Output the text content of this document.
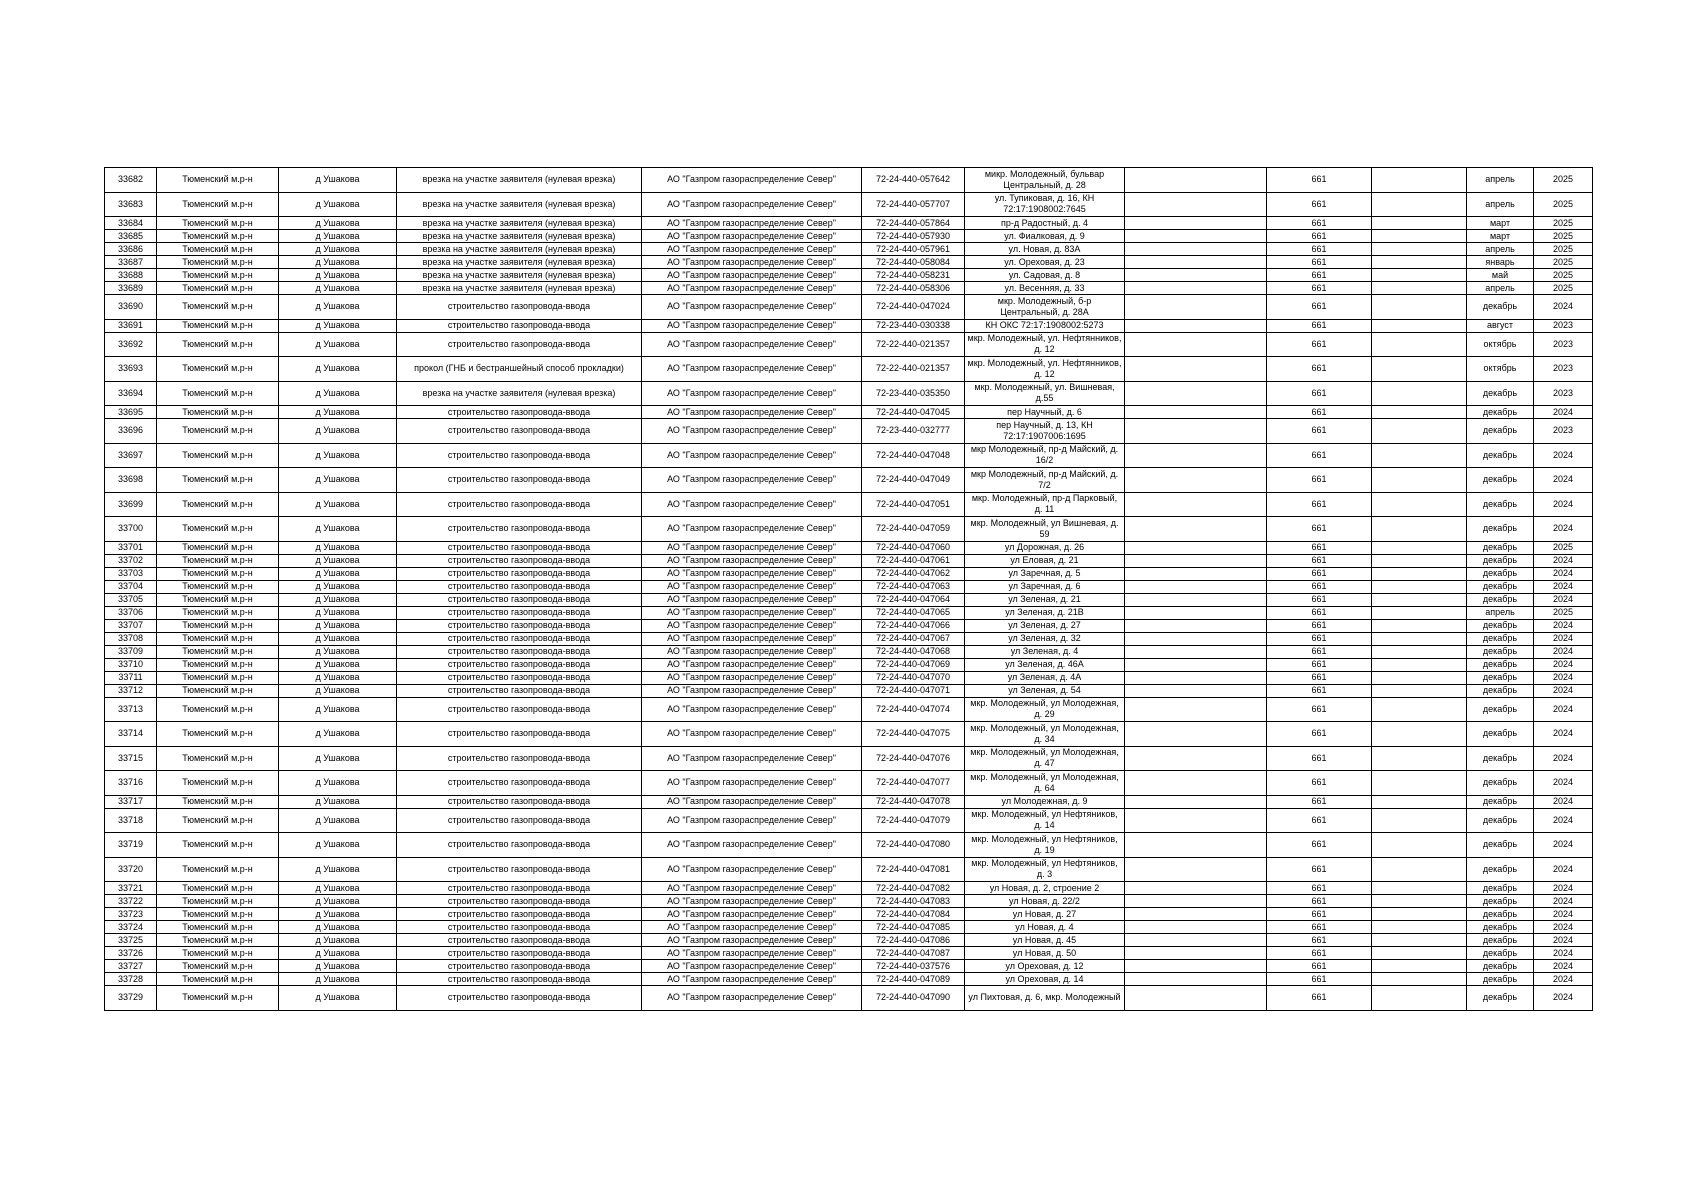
33682	Тюменский м.р-н	д Ушакова	врезка на участке заявителя (нулевая врезка)	АО "Газпром газораспределение Север"	72-24-440-057642	микр. Молодежный, бульвар Центральный, д. 28		661		апрель	2025
33683	Тюменский м.р-н	д Ушакова	врезка на участке заявителя (нулевая врезка)	АО "Газпром газораспределение Север"	72-24-440-057707	ул. Тупиковая, д. 16, КН 72:17:1908002:7645		661		апрель	2025
33684	Тюменский м.р-н	д Ушакова	врезка на участке заявителя (нулевая врезка)	АО "Газпром газораспределение Север"	72-24-440-057864	пр-д Радостный, д. 4		661		март	2025
33685	Тюменский м.р-н	д Ушакова	врезка на участке заявителя (нулевая врезка)	АО "Газпром газораспределение Север"	72-24-440-057930	ул. Фиалковая, д. 9		661		март	2025
33686	Тюменский м.р-н	д Ушакова	врезка на участке заявителя (нулевая врезка)	АО "Газпром газораспределение Север"	72-24-440-057961	ул. Новая, д. 83А		661		апрель	2025
33687	Тюменский м.р-н	д Ушакова	врезка на участке заявителя (нулевая врезка)	АО "Газпром газораспределение Север"	72-24-440-058084	ул. Ореховая, д. 23		661		январь	2025
33688	Тюменский м.р-н	д Ушакова	врезка на участке заявителя (нулевая врезка)	АО "Газпром газораспределение Север"	72-24-440-058231	ул. Садовая, д. 8		661		май	2025
33689	Тюменский м.р-н	д Ушакова	врезка на участке заявителя (нулевая врезка)	АО "Газпром газораспределение Север"	72-24-440-058306	ул. Весенняя, д. 33		661		апрель	2025
33690	Тюменский м.р-н	д Ушакова	строительство газопровода-ввода	АО "Газпром газораспределение Север"	72-24-440-047024	мкр. Молодежный, б-р Центральный, д. 28А		661		декабрь	2024
33691	Тюменский м.р-н	д Ушакова	строительство газопровода-ввода	АО "Газпром газораспределение Север"	72-23-440-030338	КН ОКС 72:17:1908002:5273		661		август	2023
33692	Тюменский м.р-н	д Ушакова	строительство газопровода-ввода	АО "Газпром газораспределение Север"	72-22-440-021357	мкр. Молодежный, ул. Нефтянников, д. 12		661		октябрь	2023
33693	Тюменский м.р-н	д Ушакова	прокол (ГНБ и бестраншейный способ прокладки)	АО "Газпром газораспределение Север"	72-22-440-021357	мкр. Молодежный, ул. Нефтянников, д. 12		661		октябрь	2023
33694	Тюменский м.р-н	д Ушакова	врезка на участке заявителя (нулевая врезка)	АО "Газпром газораспределение Север"	72-23-440-035350	мкр. Молодежный, ул. Вишневая, д.55		661		декабрь	2023
33695	Тюменский м.р-н	д Ушакова	строительство газопровода-ввода	АО "Газпром газораспределение Север"	72-24-440-047045	пер Научный, д. 6		661		декабрь	2024
33696	Тюменский м.р-н	д Ушакова	строительство газопровода-ввода	АО "Газпром газораспределение Север"	72-23-440-032777	пер Научный, д. 13, КН 72:17:1907006:1695		661		декабрь	2023
33697	Тюменский м.р-н	д Ушакова	строительство газопровода-ввода	АО "Газпром газораспределение Север"	72-24-440-047048	мкр Молодежный, пр-д Майский, д. 16/2		661		декабрь	2024
33698	Тюменский м.р-н	д Ушакова	строительство газопровода-ввода	АО "Газпром газораспределение Север"	72-24-440-047049	мкр Молодежный, пр-д Майский, д. 7/2		661		декабрь	2024
33699	Тюменский м.р-н	д Ушакова	строительство газопровода-ввода	АО "Газпром газораспределение Север"	72-24-440-047051	мкр. Молодежный, пр-д Парковый, д. 11		661		декабрь	2024
33700	Тюменский м.р-н	д Ушакова	строительство газопровода-ввода	АО "Газпром газораспределение Север"	72-24-440-047059	мкр. Молодежный, ул Вишневая, д. 59		661		декабрь	2024
33701	Тюменский м.р-н	д Ушакова	строительство газопровода-ввода	АО "Газпром газораспределение Север"	72-24-440-047060	ул Дорожная, д. 26		661		декабрь	2025
33702	Тюменский м.р-н	д Ушакова	строительство газопровода-ввода	АО "Газпром газораспределение Север"	72-24-440-047061	ул Еловая, д. 21		661		декабрь	2024
33703	Тюменский м.р-н	д Ушакова	строительство газопровода-ввода	АО "Газпром газораспределение Север"	72-24-440-047062	ул Заречная, д. 5		661		декабрь	2024
33704	Тюменский м.р-н	д Ушакова	строительство газопровода-ввода	АО "Газпром газораспределение Север"	72-24-440-047063	ул Заречная, д. 6		661		декабрь	2024
33705	Тюменский м.р-н	д Ушакова	строительство газопровода-ввода	АО "Газпром газораспределение Север"	72-24-440-047064	ул Зеленая, д. 21		661		декабрь	2024
33706	Тюменский м.р-н	д Ушакова	строительство газопровода-ввода	АО "Газпром газораспределение Север"	72-24-440-047065	ул Зеленая, д. 21В		661		апрель	2025
33707	Тюменский м.р-н	д Ушакова	строительство газопровода-ввода	АО "Газпром газораспределение Север"	72-24-440-047066	ул Зеленая, д. 27		661		декабрь	2024
33708	Тюменский м.р-н	д Ушакова	строительство газопровода-ввода	АО "Газпром газораспределение Север"	72-24-440-047067	ул Зеленая, д. 32		661		декабрь	2024
33709	Тюменский м.р-н	д Ушакова	строительство газопровода-ввода	АО "Газпром газораспределение Север"	72-24-440-047068	ул Зеленая, д. 4		661		декабрь	2024
33710	Тюменский м.р-н	д Ушакова	строительство газопровода-ввода	АО "Газпром газораспределение Север"	72-24-440-047069	ул Зеленая, д. 46А		661		декабрь	2024
33711	Тюменский м.р-н	д Ушакова	строительство газопровода-ввода	АО "Газпром газораспределение Север"	72-24-440-047070	ул Зеленая, д. 4А		661		декабрь	2024
33712	Тюменский м.р-н	д Ушакова	строительство газопровода-ввода	АО "Газпром газораспределение Север"	72-24-440-047071	ул Зеленая, д. 54		661		декабрь	2024
33713	Тюменский м.р-н	д Ушакова	строительство газопровода-ввода	АО "Газпром газораспределение Север"	72-24-440-047074	мкр. Молодежный, ул Молодежная, д. 29		661		декабрь	2024
33714	Тюменский м.р-н	д Ушакова	строительство газопровода-ввода	АО "Газпром газораспределение Север"	72-24-440-047075	мкр. Молодежный, ул Молодежная, д. 34		661		декабрь	2024
33715	Тюменский м.р-н	д Ушакова	строительство газопровода-ввода	АО "Газпром газораспределение Север"	72-24-440-047076	мкр. Молодежный, ул Молодежная, д. 47		661		декабрь	2024
33716	Тюменский м.р-н	д Ушакова	строительство газопровода-ввода	АО "Газпром газораспределение Север"	72-24-440-047077	мкр. Молодежный, ул Молодежная, д. 64		661		декабрь	2024
33717	Тюменский м.р-н	д Ушакова	строительство газопровода-ввода	АО "Газпром газораспределение Север"	72-24-440-047078	ул Молодежная, д. 9		661		декабрь	2024
33718	Тюменский м.р-н	д Ушакова	строительство газопровода-ввода	АО "Газпром газораспределение Север"	72-24-440-047079	мкр. Молодежный, ул Нефтяников, д. 14		661		декабрь	2024
33719	Тюменский м.р-н	д Ушакова	строительство газопровода-ввода	АО "Газпром газораспределение Север"	72-24-440-047080	мкр. Молодежный, ул Нефтяников, д. 19		661		декабрь	2024
33720	Тюменский м.р-н	д Ушакова	строительство газопровода-ввода	АО "Газпром газораспределение Север"	72-24-440-047081	мкр. Молодежный, ул Нефтяников, д. 3		661		декабрь	2024
33721	Тюменский м.р-н	д Ушакова	строительство газопровода-ввода	АО "Газпром газораспределение Север"	72-24-440-047082	ул Новая, д. 2, строение 2		661		декабрь	2024
33722	Тюменский м.р-н	д Ушакова	строительство газопровода-ввода	АО "Газпром газораспределение Север"	72-24-440-047083	ул Новая, д. 22/2		661		декабрь	2024
33723	Тюменский м.р-н	д Ушакова	строительство газопровода-ввода	АО "Газпром газораспределение Север"	72-24-440-047084	ул Новая, д. 27		661		декабрь	2024
33724	Тюменский м.р-н	д Ушакова	строительство газопровода-ввода	АО "Газпром газораспределение Север"	72-24-440-047085	ул Новая, д. 4		661		декабрь	2024
33725	Тюменский м.р-н	д Ушакова	строительство газопровода-ввода	АО "Газпром газораспределение Север"	72-24-440-047086	ул Новая, д. 45		661		декабрь	2024
33726	Тюменский м.р-н	д Ушакова	строительство газопровода-ввода	АО "Газпром газораспределение Север"	72-24-440-047087	ул Новая, д. 50		661		декабрь	2024
33727	Тюменский м.р-н	д Ушакова	строительство газопровода-ввода	АО "Газпром газораспределение Север"	72-24-440-037576	ул Ореховая, д. 12		661		декабрь	2024
33728	Тюменский м.р-н	д Ушакова	строительство газопровода-ввода	АО "Газпром газораспределение Север"	72-24-440-047089	ул Ореховая, д. 14		661		декабрь	2024
33729	Тюменский м.р-н	д Ушакова	строительство газопровода-ввода	АО "Газпром газораспределение Север"	72-24-440-047090	ул Пихтовая, д. 6, мкр. Молодежный		661		декабрь	2024
